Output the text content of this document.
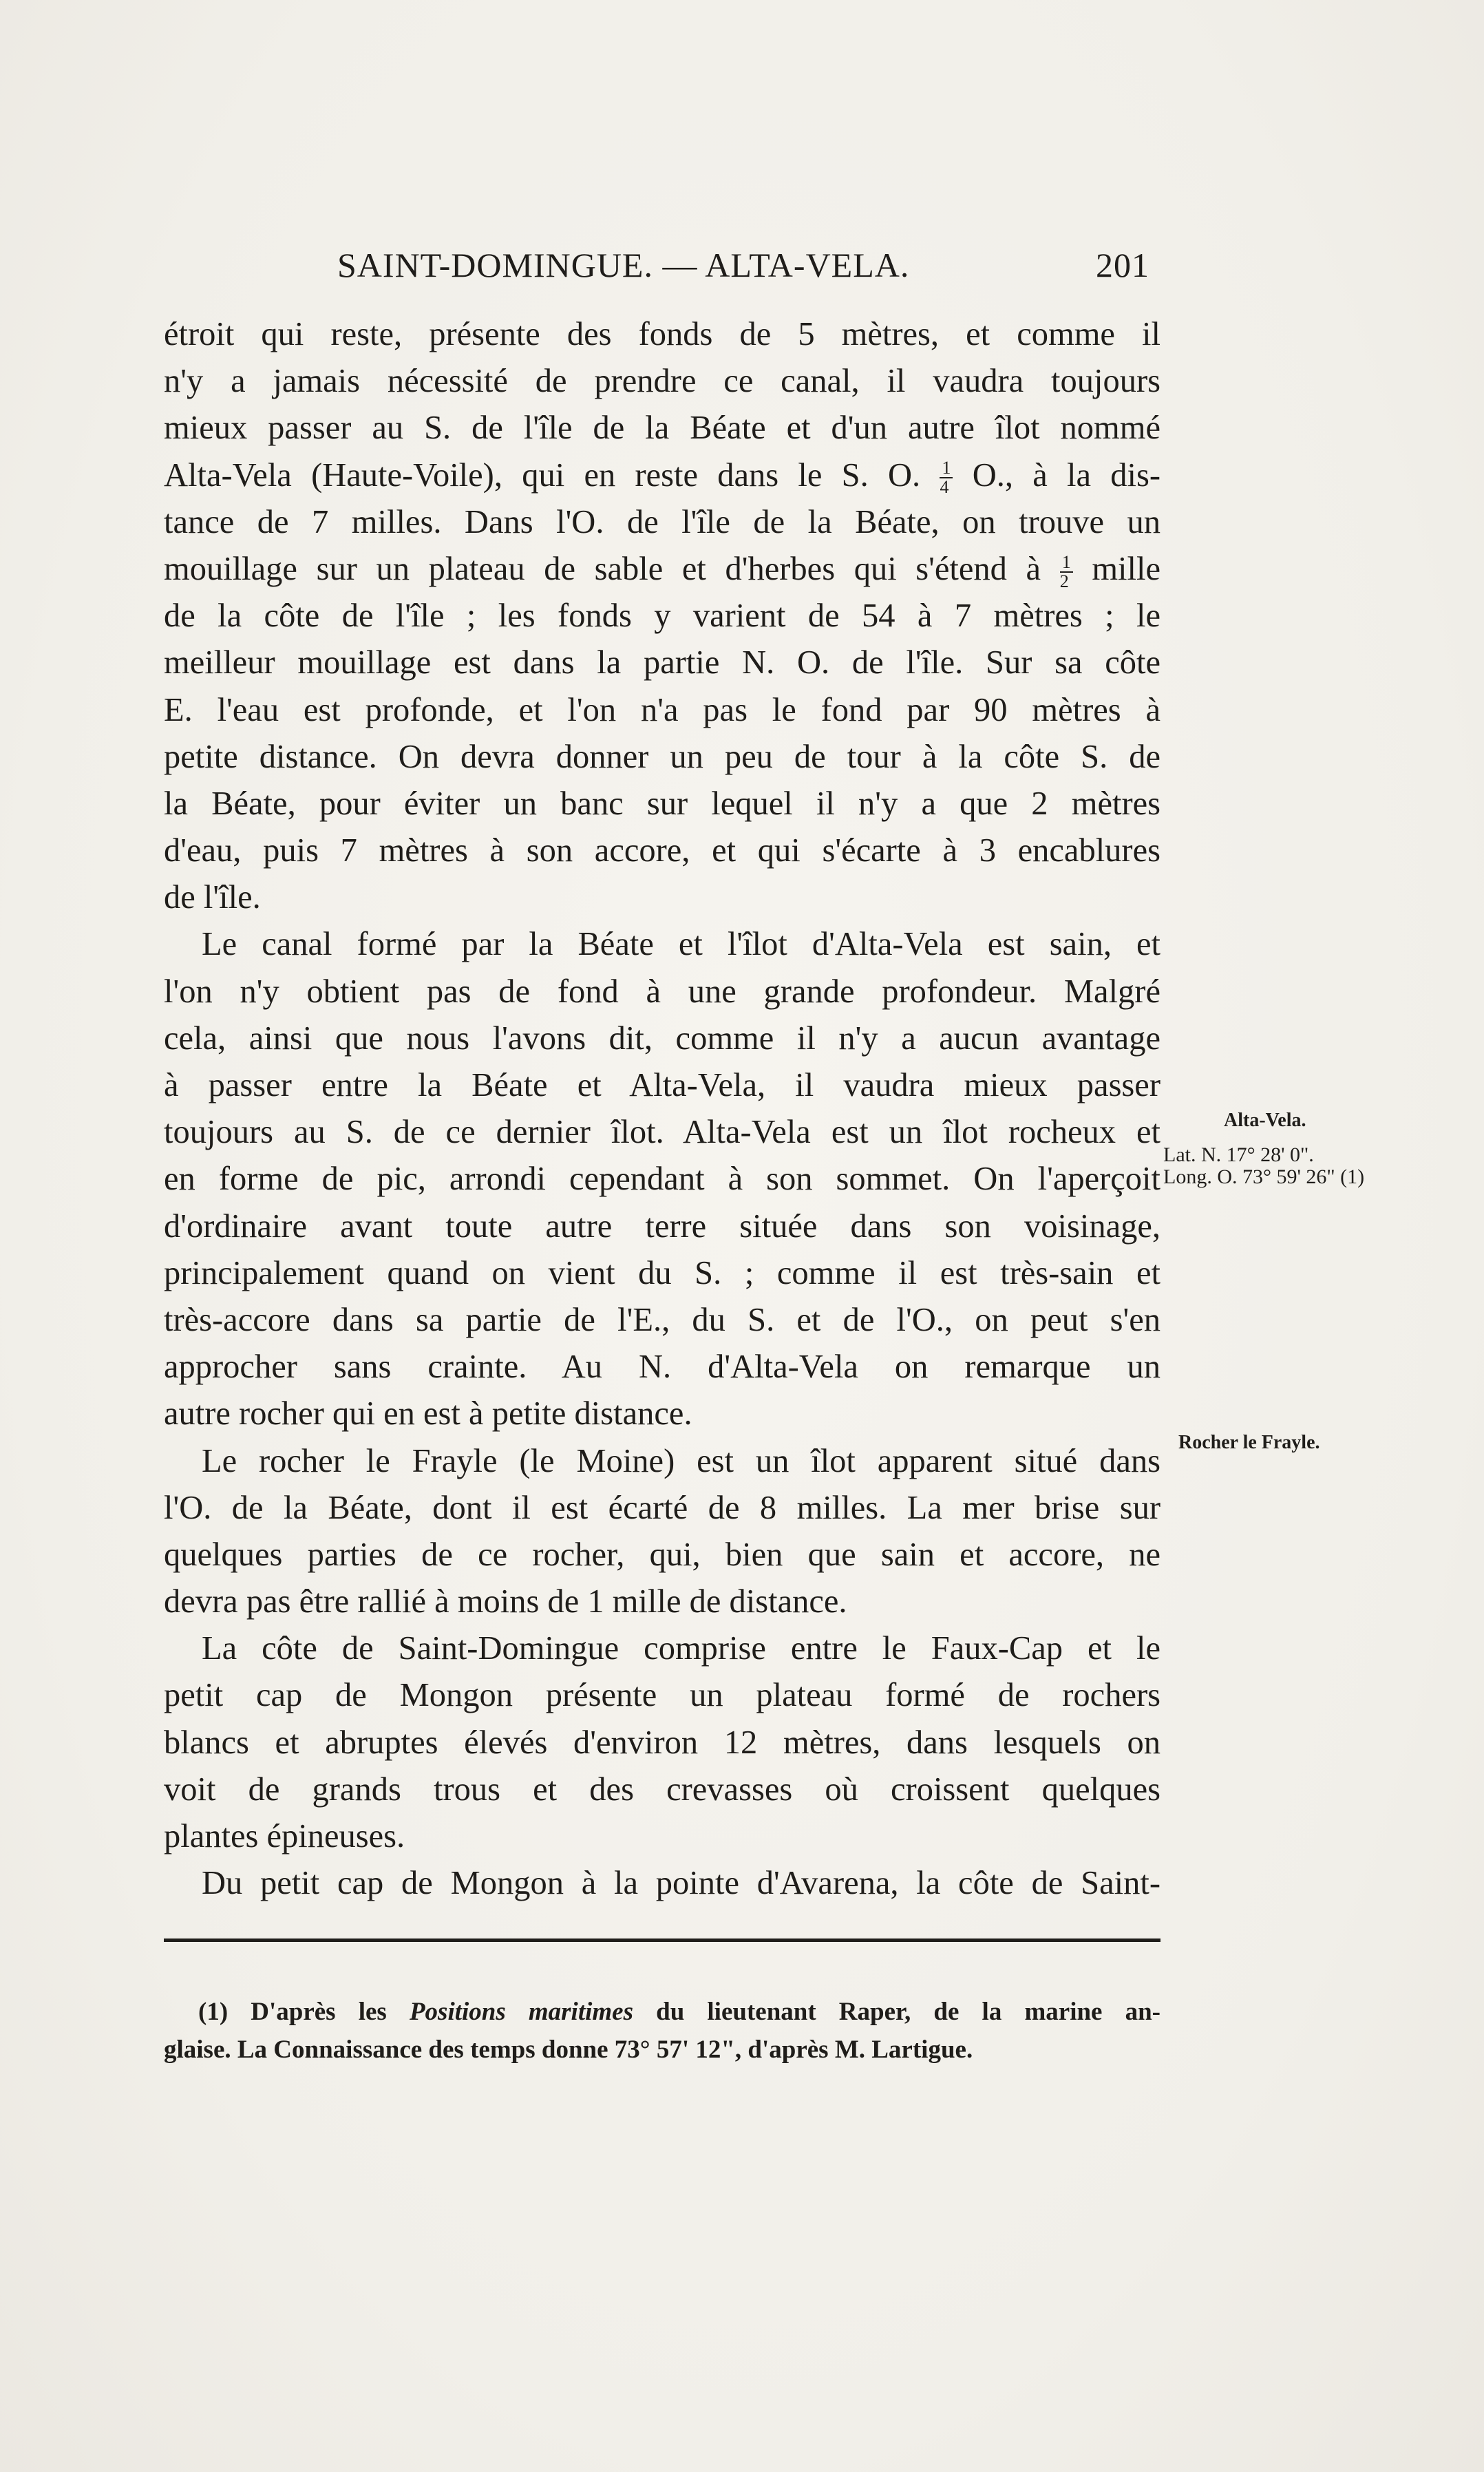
SAINT-DOMINGUE. — ALTA-VELA.	201
étroit qui reste, présente des fonds de 5 mètres, et comme il
n'y a jamais nécessité de prendre ce canal, il vaudra toujours
mieux passer au S. de l'île de la Béate et d'un autre îlot nommé
Alta-Vela (Haute-Voile), qui en reste dans le S. O. $\frac{1}{4} O$., à la dis-
tance de 7 milles. Dans l'O. de l'île de la Béate, on trouve un
mouillage sur un plateau de sable et d'herbes qui s'étend à $\frac{1}{2}$ mille
de la côte de l'île ; les fonds y varient de 54 à 7 mètres ; le
meilleur mouillage est dans la partie N. O. de l'île. Sur sa côte
E. l'eau est profonde, et l'on n'a pas le fond par 90 mètres à
petite distance. On devra donner un peu de tour à la côte S. de
la Béate, pour éviter un banc sur lequel il n'y a que 2 mètres
d'eau, puis 7 mètres à son accore, et qui s'écarte à 3 encablures
de l'île.
Le canal formé par la Béate et l'îlot d'Alta-Vela est sain, et
l'on n'y obtient pas de fond à une grande profondeur. Malgré
cela, ainsi que nous l'avons dit, comme il n'y a aucun avantage
à passer entre la Béate et Alta-Vela, il vaudra mieux passer
toujours au S. de ce dernier îlot. Alta-Vela est un îlot rocheux et
en forme de pic, arrondi cependant à son sommet. On l'aperçoit
d'ordinaire avant toute autre terre située dans son voisinage,
principalement quand on vient du S. ; comme il est très-sain et
très-accore dans sa partie de l'E., du S. et de l'O., on peut s'en
approcher sans crainte. Au N. d'Alta-Vela on remarque un
autre rocher qui en est à petite distance.
Le rocher le Frayle (le Moine) est un îlot apparent situé dans
l'O. de la Béate, dont il est écarté de 8 milles. La mer brise sur
quelques parties de ce rocher, qui, bien que sain et accore, ne
devra pas être rallié à moins de 1 mille de distance.
La côte de Saint-Domingue comprise entre le Faux-Cap et le
petit cap de Mongon présente un plateau formé de rochers
blancs et abruptes élevés d'environ 12 mètres, dans lesquels on
voit de grands trous et des crevasses où croissent quelques
plantes épineuses.
Du petit cap de Mongon à la pointe d'Avarena, la côte de Saint-
Alta-Vela.
Lat. N. 17° 28' 0".
Long. O. 73° 59' 26" (1)
Rocher le Frayle.
(1) D'après les Positions maritimes du lieutenant Raper, de la marine an-
glaise. La Connaissance des temps donne 73° 57' 12", d'après M. Lartigue.
